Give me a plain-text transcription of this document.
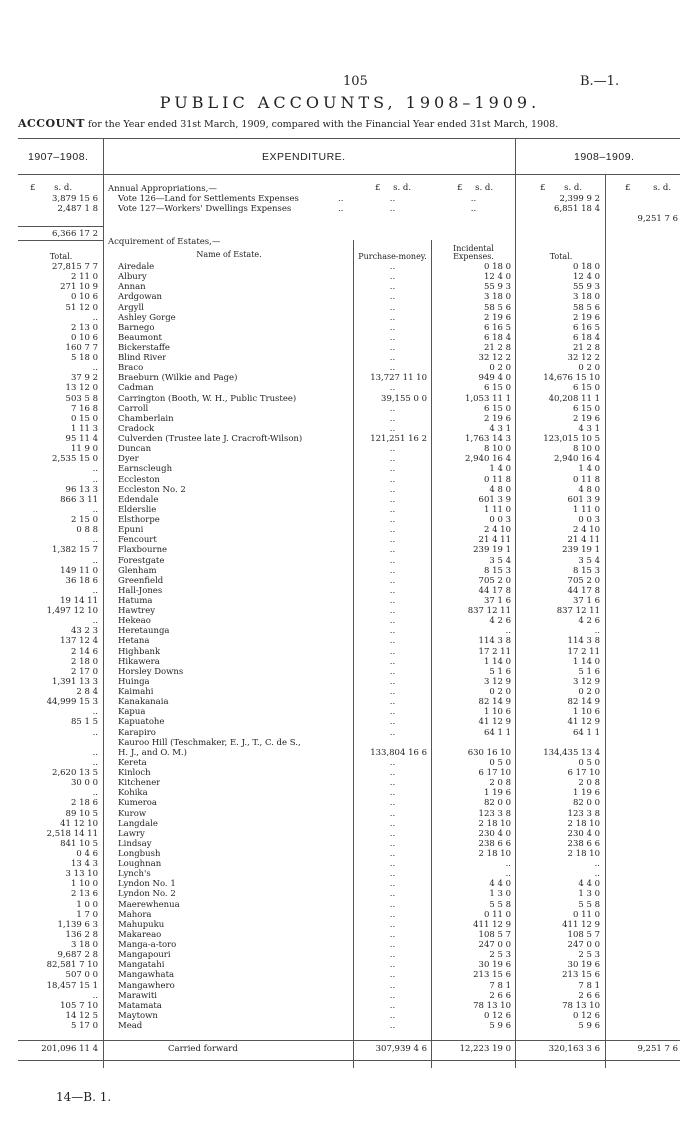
105	B.—1.
PUBLIC ACCOUNTS, 1908–1909.
ACCOUNT for the Year ended 31st March, 1909, compared with the Financial Year ended 31st March, 1908.
1907–1908.	EXPENDITURE.	1908–1909.
£ s. d.	£ s. d.	£ s. d.	£ s. d.	£	s. d.
Annual Appropriations,—
3,879 15 6 Vote 126—Land for Settlements Expenses	..	..	..	2,399 9 2
2,487 1 8 Vote 127—Workers' Dwellings Expenses	..	..	..	6,851 18 4
9,251 7 6
6,366 17 2
Acquirement of Estates,—
Total.	Name of Estate.	Purchase-money.
Incidental Expenses.	Total.
27,815 7 7 Airedale	..	0 18 0	0 18 0
2 11 0 Albury	..	12 4 0	12 4 0
271 10 9 Annan	..	55 9 3	55 9 3
0 10 6 Ardgowan	..	3 18 0	3 18 0
51 12 0 Argyll	..	58 5 6	58 5 6
.. Ashley Gorge	..	2 19 6	2 19 6
2 13 0 Barnego	..	6 16 5	6 16 5
0 10 6 Beaumont	..	6 18 4	6 18 4
160 7 7 Bickerstaffe	..	21 2 8	21 2 8
5 18 0 Blind River	..	32 12 2	32 12 2
.. Braco	..	0 2 0	0 2 0
37 9 2 Braeburn (Wilkie and Page)	13,727 11 10	949 4 0	14,676 15 10
13 12 0 Cadman	..	6 15 0	6 15 0
503 5 8 Carrington (Booth, W. H., Public Trustee)	39,155 0 0	1,053 11 1	40,208 11 1
7 16 8 Carroll	..	6 15 0	6 15 0
0 15 0 Chamberlain	..	2 19 6	2 19 6
1 11 3 Cradock	..	4 3 1	4 3 1
95 11 4 Culverden (Trustee late J. Cracroft-Wilson)	121,251 16 2	1,763 14 3	123,015 10 5
11 9 0 Duncan	..	8 10 0	8 10 0
2,535 15 0 Dyer	..	2,940 16 4	2,940 16 4
.. Earnscleugh	..	1 4 0	1 4 0
.. Eccleston	..	0 11 8	0 11 8
96 13 3 Eccleston No. 2	..	4 8 0	4 8 0
866 3 11 Edendale	..	601 3 9	601 3 9
.. Elderslie	..	1 11 0	1 11 0
2 15 0 Elsthorpe	..	0 0 3	0 0 3
0 8 8 Epuni	..	2 4 10	2 4 10
.. Fencourt	..	21 4 11	21 4 11
1,382 15 7 Flaxbourne	..	239 19 1	239 19 1
.. Forestgate	..	3 5 4	3 5 4
149 11 0 Glenham	..	8 15 3	8 15 3
36 18 6 Greenfield	..	705 2 0	705 2 0
.. Hall-Jones	..	44 17 8	44 17 8
19 14 11 Hatuma	..	37 1 6	37 1 6
1,497 12 10 Hawtrey	..	837 12 11	837 12 11
.. Hekeao	..	4 2 6	4 2 6
43 2 3 Heretaunga	..	..	..
137 12 4 Hetana	..	114 3 8	114 3 8
2 14 6 Highbank	..	17 2 11	17 2 11
2 18 0 Hikawera	..	1 14 0	1 14 0
2 17 0 Horsley Downs	..	5 1 6	5 1 6
1,391 13 3 Huinga	..	3 12 9	3 12 9
2 8 4 Kaimahi	..	0 2 0	0 2 0
44,999 15 3 Kanakanaia	..	82 14 9	82 14 9
.. Kapua	..	1 10 6	1 10 6
85 1 5 Kapuatohe	..	41 12 9	41 12 9
.. Karapiro	..	64 1 1	64 1 1
Kauroo Hill (Teschmaker, E. J., T., C. de S.,
.. H. J., and O. M.)	133,804 16 6	630 16 10	134,435 13 4
.. Kereta	..	0 5 0	0 5 0
2,620 13 5 Kinloch	..	6 17 10	6 17 10
30 0 0 Kitchener	..	2 0 8	2 0 8
.. Kohika	..	1 19 6	1 19 6
2 18 6 Kumeroa	..	82 0 0	82 0 0
89 10 5 Kurow	..	123 3 8	123 3 8
41 12 10 Langdale	..	2 18 10	2 18 10
2,518 14 11 Lawry	..	230 4 0	230 4 0
841 10 5 Lindsay	..	238 6 6	238 6 6
0 4 6 Longbush	..	2 18 10	2 18 10
13 4 3 Loughnan	..	..	..
3 13 10 Lynch's	..	..	..
1 10 0 Lyndon No. 1	..	4 4 0	4 4 0
2 13 6 Lyndon No. 2	..	1 3 0	1 3 0
1 0 0 Maerewhenua	..	5 5 8	5 5 8
1 7 0 Mahora	..	0 11 0	0 11 0
1,139 6 3 Mahupuku	..	411 12 9	411 12 9
136 2 8 Makareao	..	108 5 7	108 5 7
3 18 0 Manga-a-toro	..	247 0 0	247 0 0
9,687 2 8 Mangapouri	..	2 5 3	2 5 3
82,581 7 10 Mangatahi	..	30 19 6	30 19 6
507 0 0 Mangawhata	..	213 15 6	213 15 6
18,457 15 1 Mangawhero	..	7 8 1	7 8 1
.. Marawiti	..	2 6 6	2 6 6
105 7 10 Matamata	..	78 13 10	78 13 10
14 12 5 Maytown	..	0 12 6	0 12 6
5 17 0 Mead	..	5 9 6	5 9 6
201,096 11 4	Carried forward	307,939 4 6	12,223 19 0	320,163 3 6	9,251 7 6
14—B. 1.
